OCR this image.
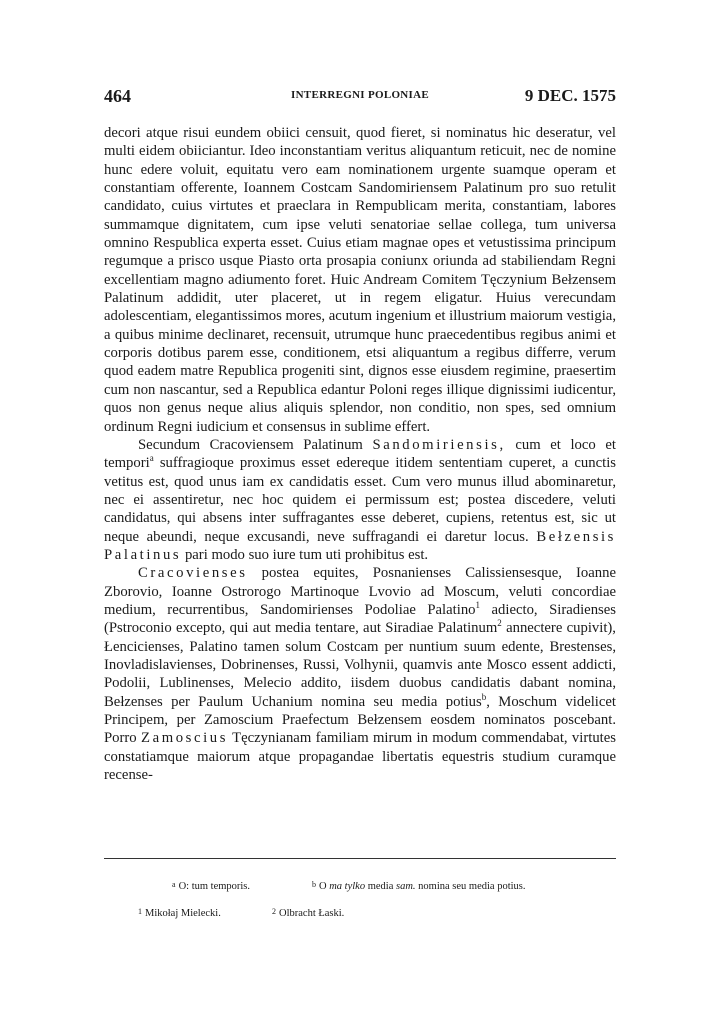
464	INTERREGNI POLONIAE	9 DEC. 1575

decori atque risui eundem obiici censuit, quod fieret, si nominatus hic deseratur, vel multi eidem obiiciantur. Ideo inconstantiam veritus aliquantum reticuit, nec de nomine hunc edere voluit, equitatu vero eam nominationem urgente suamque operam et constantiam offerente, Ioannem Costcam Sandomiriensem Palatinum pro suo retulit candidato, cuius virtutes et praeclara in Rempublicam merita, constantiam, labores summamque dignitatem, cum ipse veluti senatoriae sellae collega, tum universa omnino Respublica experta esset. Cuius etiam magnae opes et vetustissima principum regumque a prisco usque Piasto orta prosapia coniunx oriunda ad stabiliendam Regni excellentiam magno adiumento foret. Huic Andream Comitem Tęczynium Bełzensem Palatinum addidit, uter placeret, ut in regem eligatur. Huius verecundam adolescentiam, elegantissimos mores, acutum ingenium et illustrium maiorum vestigia, a quibus minime declinaret, recensuit, utrumque hunc praecedentibus regibus animi et corporis dotibus parem esse, conditionem, etsi aliquantum a regibus differre, verum quod eadem matre Republica progeniti sint, dignos esse eiusdem regimine, praesertim cum non nascantur, sed a Republica edantur Poloni reges illique dignissimi iudicentur, quos non genus neque alius aliquis splendor, non conditio, non spes, sed omnium ordinum Regni iudicium et consensus in sublime effert.

Secundum Cracoviensem Palatinum Sandomiriensis, cum et loco et tempori$^a$ suffragioque proximus esset edereque itidem sententiam cuperet, a cunctis vetitus est, quod unus iam ex candidatis esset. Cum vero munus illud abominaretur, nec ei assentiretur, nec hoc quidem ei permissum est; postea discedere, veluti candidatus, qui absens inter suffragantes esse deberet, cupiens, retentus est, sic ut neque abeundi, neque excusandi, neve suffragandi ei daretur locus. Bełzensis Palatinus pari modo suo iure tum uti prohibitus est.

Cracovienses postea equites, Posnanienses Calissiensesque, Ioanne Zborovio, Ioanne Ostrorogo Martinoque Lvovio ad Moscum, veluti concordiae medium, recurrentibus, Sandomirienses Podoliae Palatino$^1$ adiecto, Siradienses (Pstroconio excepto, qui aut media tentare, aut Siradiae Palatinum$^2$ annectere cupivit), Łencicienses, Palatino tamen solum Costcam per nuntium suum edente, Brestenses, Inovladislavienses, Dobrinenses, Russi, Volhynii, quamvis ante Mosco essent addicti, Podolii, Lublinenses, Melecio addito, iisdem duobus candidatis dabant nomina, Bełzenses per Paulum Uchanium nomina seu media potius$^b$, Moschum videlicet Principem, per Zamoscium Praefectum Bełzensem eosdem nominatos poscebant. Porro Zamoscius Tęczynianam familiam mirum in modum commendabat, virtutes constatiamque maiorum atque propagandae libertatis equestris studium curamque recense-

a O: tum temporis.	b O ma tylko media sam. nomina seu media potius.
1 Mikołaj Mielecki.	2 Olbracht Łaski.
